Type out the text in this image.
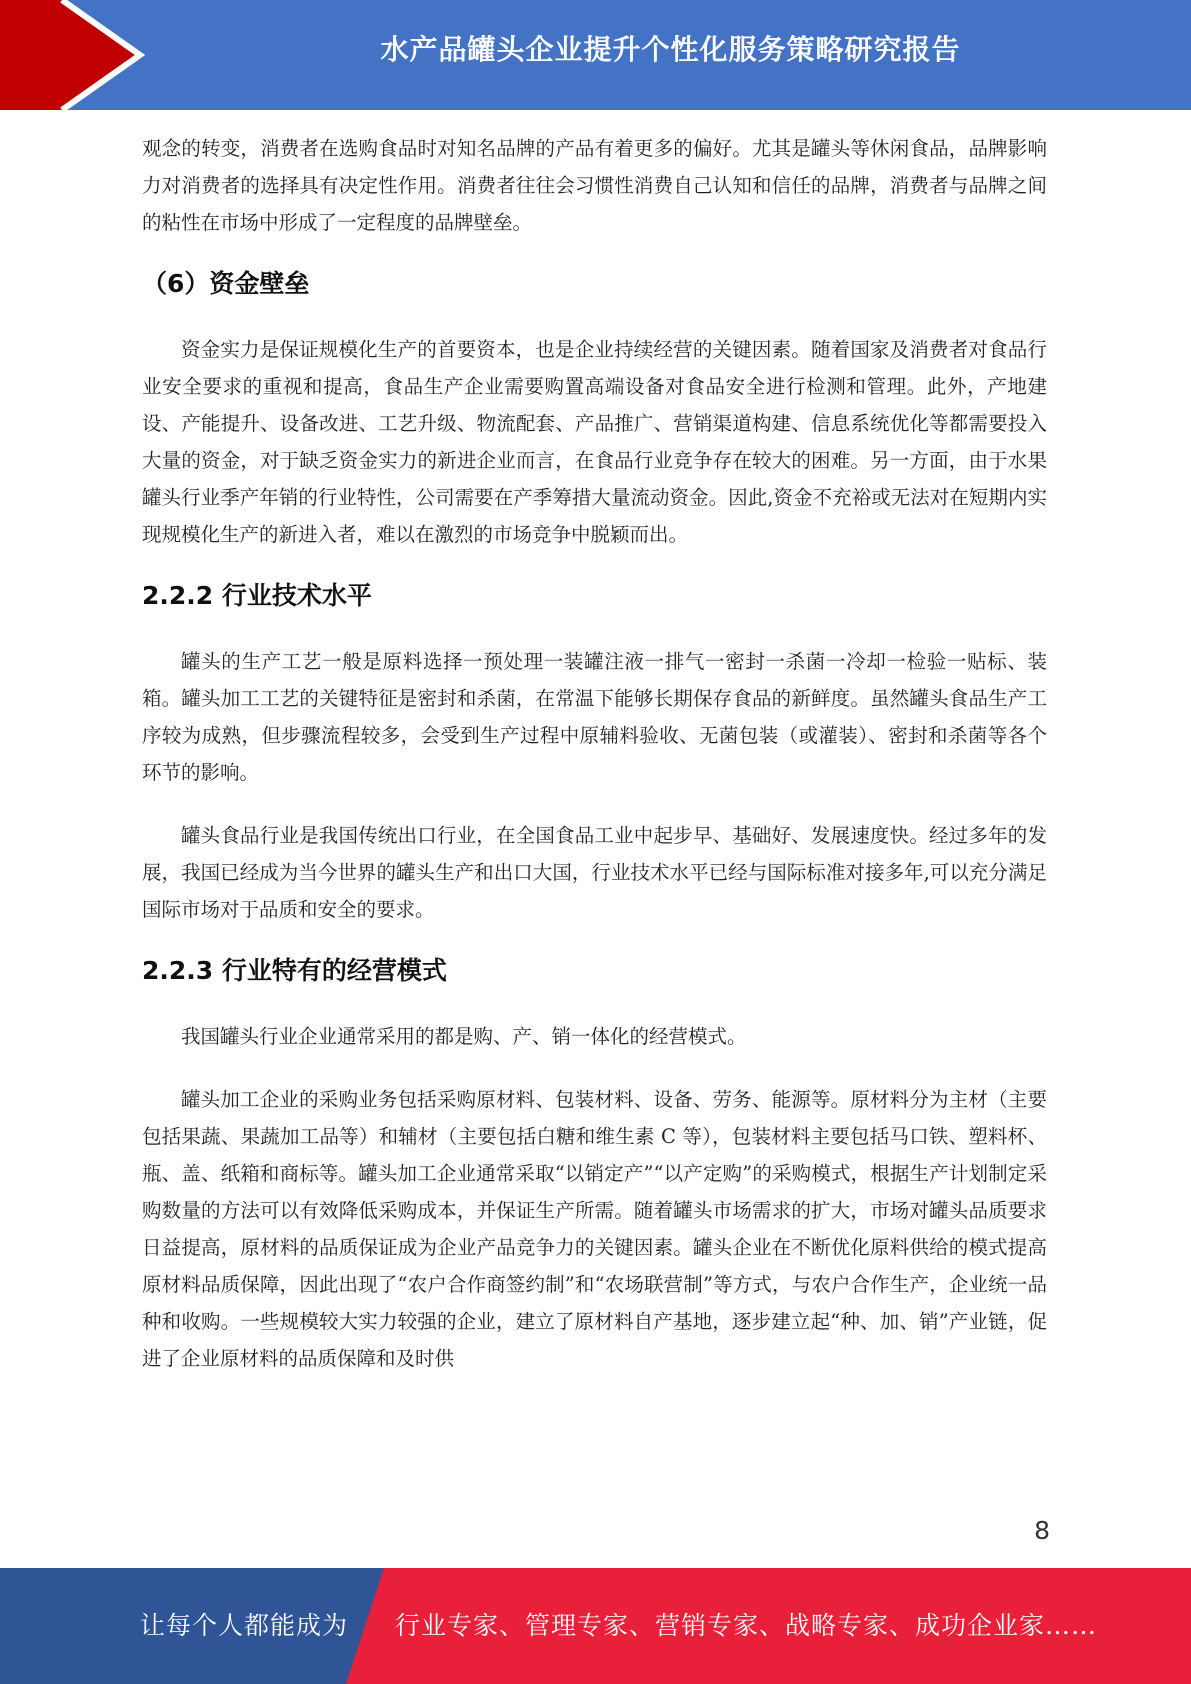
水产品罐头企业提升个性化服务策略研究报告

观念的转变，消费者在选购食品时对知名品牌的产品有着更多的偏好。尤其是罐头等休闲食品，品牌影响力对消费者的选择具有决定性作用。消费者往往会习惯性消费自己认知和信任的品牌，消费者与品牌之间的粘性在市场中形成了一定程度的品牌壁垒。

（6）资金壁垒

资金实力是保证规模化生产的首要资本，也是企业持续经营的关键因素。随着国家及消费者对食品行业安全要求的重视和提高，食品生产企业需要购置高端设备对食品安全进行检测和管理。此外，产地建设、产能提升、设备改进、工艺升级、物流配套、产品推广、营销渠道构建、信息系统优化等都需要投入大量的资金，对于缺乏资金实力的新进企业而言，在食品行业竞争存在较大的困难。另一方面，由于水果罐头行业季产年销的行业特性，公司需要在产季筹措大量流动资金。因此,资金不充裕或无法对在短期内实现规模化生产的新进入者，难以在激烈的市场竞争中脱颖而出。

2.2.2 行业技术水平

罐头的生产工艺一般是原料选择一预处理一装罐注液一排气一密封一杀菌一冷却一检验一贴标、装箱。罐头加工工艺的关键特征是密封和杀菌，在常温下能够长期保存食品的新鲜度。虽然罐头食品生产工序较为成熟，但步骤流程较多，会受到生产过程中原辅料验收、无菌包装（或灌装）、密封和杀菌等各个环节的影响。

罐头食品行业是我国传统出口行业，在全国食品工业中起步早、基础好、发展速度快。经过多年的发展，我国已经成为当今世界的罐头生产和出口大国，行业技术水平已经与国际标准对接多年,可以充分满足国际市场对于品质和安全的要求。

2.2.3 行业特有的经营模式

我国罐头行业企业通常采用的都是购、产、销一体化的经营模式。

罐头加工企业的采购业务包括采购原材料、包装材料、设备、劳务、能源等。原材料分为主材（主要包括果蔬、果蔬加工品等）和辅材（主要包括白糖和维生素 C 等），包装材料主要包括马口铁、塑料杯、瓶、盖、纸箱和商标等。罐头加工企业通常采取“以销定产”“以产定购”的采购模式，根据生产计划制定采购数量的方法可以有效降低采购成本，并保证生产所需。随着罐头市场需求的扩大，市场对罐头品质要求日益提高，原材料的品质保证成为企业产品竞争力的关键因素。罐头企业在不断优化原料供给的模式提高原材料品质保障，因此出现了“农户合作商签约制”和“农场联营制”等方式，与农户合作生产，企业统一品种和收购。一些规模较大实力较强的企业，建立了原材料自产基地，逐步建立起“种、加、销”产业链，促进了企业原材料的品质保障和及时供

8
让每个人都能成为 行业专家、管理专家、营销专家、战略专家、成功企业家……
